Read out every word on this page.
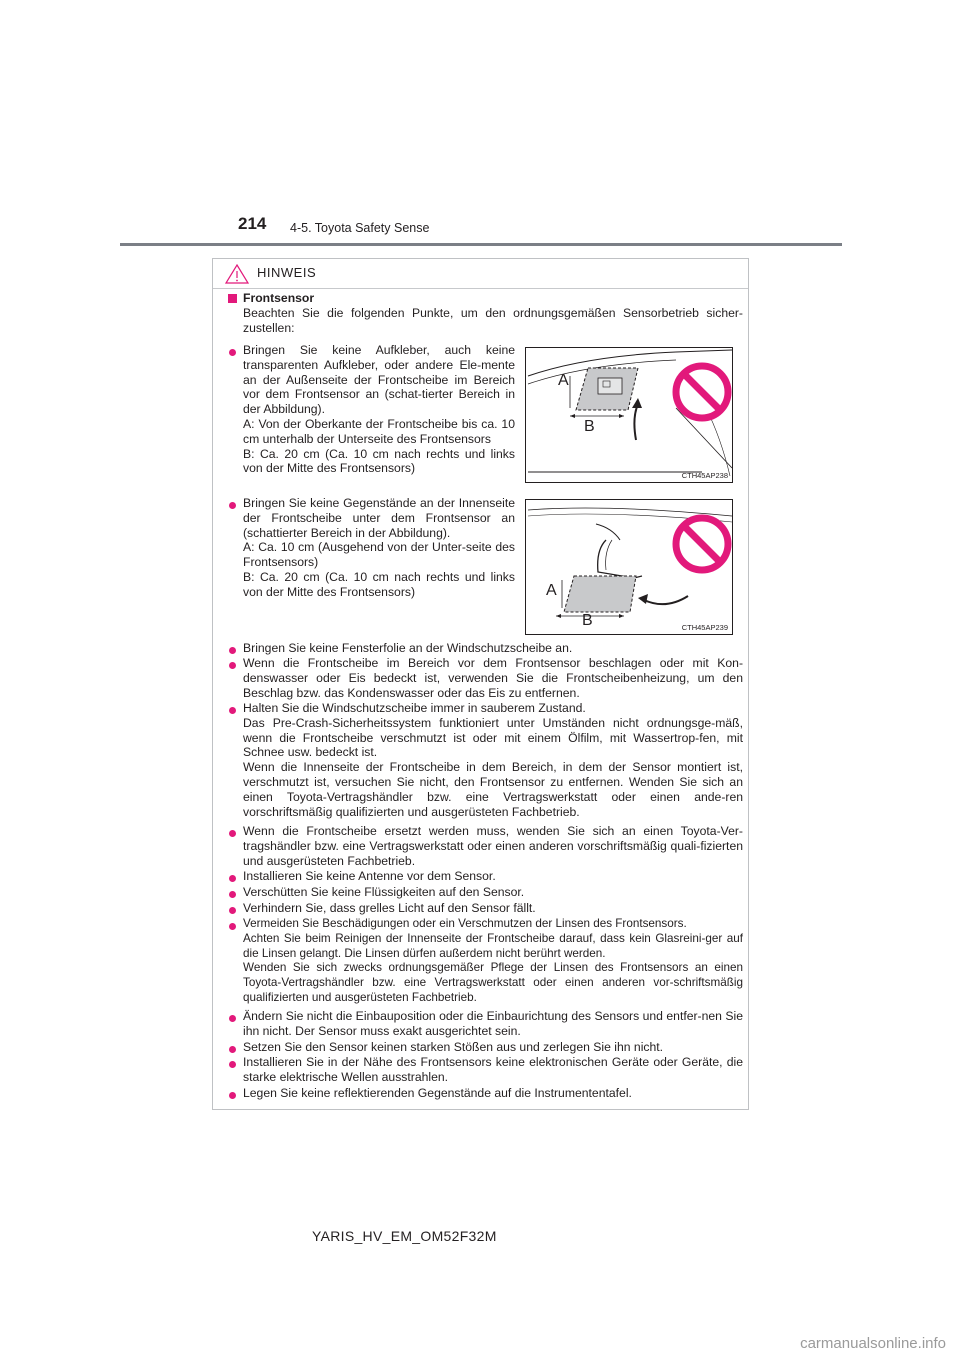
214 4-5. Toyota Safety Sense
HINWEIS
Frontsensor
Beachten Sie die folgenden Punkte, um den ordnungsgemäßen Sensorbetrieb sicher-zustellen:
Bringen Sie keine Aufkleber, auch keine transparenten Aufkleber, oder andere Ele-mente an der Außenseite der Frontscheibe im Bereich vor dem Frontsensor an (schat-tierter Bereich in der Abbildung).
A: Von der Oberkante der Frontscheibe bis ca. 10 cm unterhalb der Unterseite des Frontsensors
B: Ca. 20 cm (Ca. 10 cm nach rechts und links von der Mitte des Frontsensors)
A
B
CTH45AP238
Bringen Sie keine Gegenstände an der Innenseite der Frontscheibe unter dem Frontsensor an (schattierter Bereich in der Abbildung).
A: Ca. 10 cm (Ausgehend von der Unter-seite des Frontsensors)
B: Ca. 20 cm (Ca. 10 cm nach rechts und links von der Mitte des Frontsensors)	A
B	CTH45AP239
Bringen Sie keine Fensterfolie an der Windschutzscheibe an.
Wenn die Frontscheibe im Bereich vor dem Frontsensor beschlagen oder mit Kon-denswasser oder Eis bedeckt ist, verwenden Sie die Frontscheibenheizung, um den Beschlag bzw. das Kondenswasser oder das Eis zu entfernen.
Halten Sie die Windschutzscheibe immer in sauberem Zustand.
Das Pre-Crash-Sicherheitssystem funktioniert unter Umständen nicht ordnungsge-mäß, wenn die Frontscheibe verschmutzt ist oder mit einem Ölfilm, mit Wassertrop-fen, mit Schnee usw. bedeckt ist.
Wenn die Innenseite der Frontscheibe in dem Bereich, in dem der Sensor montiert ist, verschmutzt ist, versuchen Sie nicht, den Frontsensor zu entfernen. Wenden Sie sich an einen Toyota-Vertragshändler bzw. eine Vertragswerkstatt oder einen ande-ren vorschriftsmäßig qualifizierten und ausgerüsteten Fachbetrieb.
Wenn die Frontscheibe ersetzt werden muss, wenden Sie sich an einen Toyota-Ver-tragshändler bzw. eine Vertragswerkstatt oder einen anderen vorschriftsmäßig quali-fizierten und ausgerüsteten Fachbetrieb.
Installieren Sie keine Antenne vor dem Sensor.
Verschütten Sie keine Flüssigkeiten auf den Sensor.
Verhindern Sie, dass grelles Licht auf den Sensor fällt.
Vermeiden Sie Beschädigungen oder ein Verschmutzen der Linsen des Frontsensors.
Achten Sie beim Reinigen der Innenseite der Frontscheibe darauf, dass kein Glasreini-ger auf die Linsen gelangt. Die Linsen dürfen außerdem nicht berührt werden.
Wenden Sie sich zwecks ordnungsgemäßer Pflege der Linsen des Frontsensors an einen Toyota-Vertragshändler bzw. eine Vertragswerkstatt oder einen anderen vor-schriftsmäßig qualifizierten und ausgerüsteten Fachbetrieb.
Ändern Sie nicht die Einbauposition oder die Einbaurichtung des Sensors und entfer-nen Sie ihn nicht. Der Sensor muss exakt ausgerichtet sein.
Setzen Sie den Sensor keinen starken Stößen aus und zerlegen Sie ihn nicht.
Installieren Sie in der Nähe des Frontsensors keine elektronischen Geräte oder Geräte, die starke elektrische Wellen ausstrahlen.
Legen Sie keine reflektierenden Gegenstände auf die Instrumententafel.
YARIS_HV_EM_OM52F32M
carmanualsonline.info
